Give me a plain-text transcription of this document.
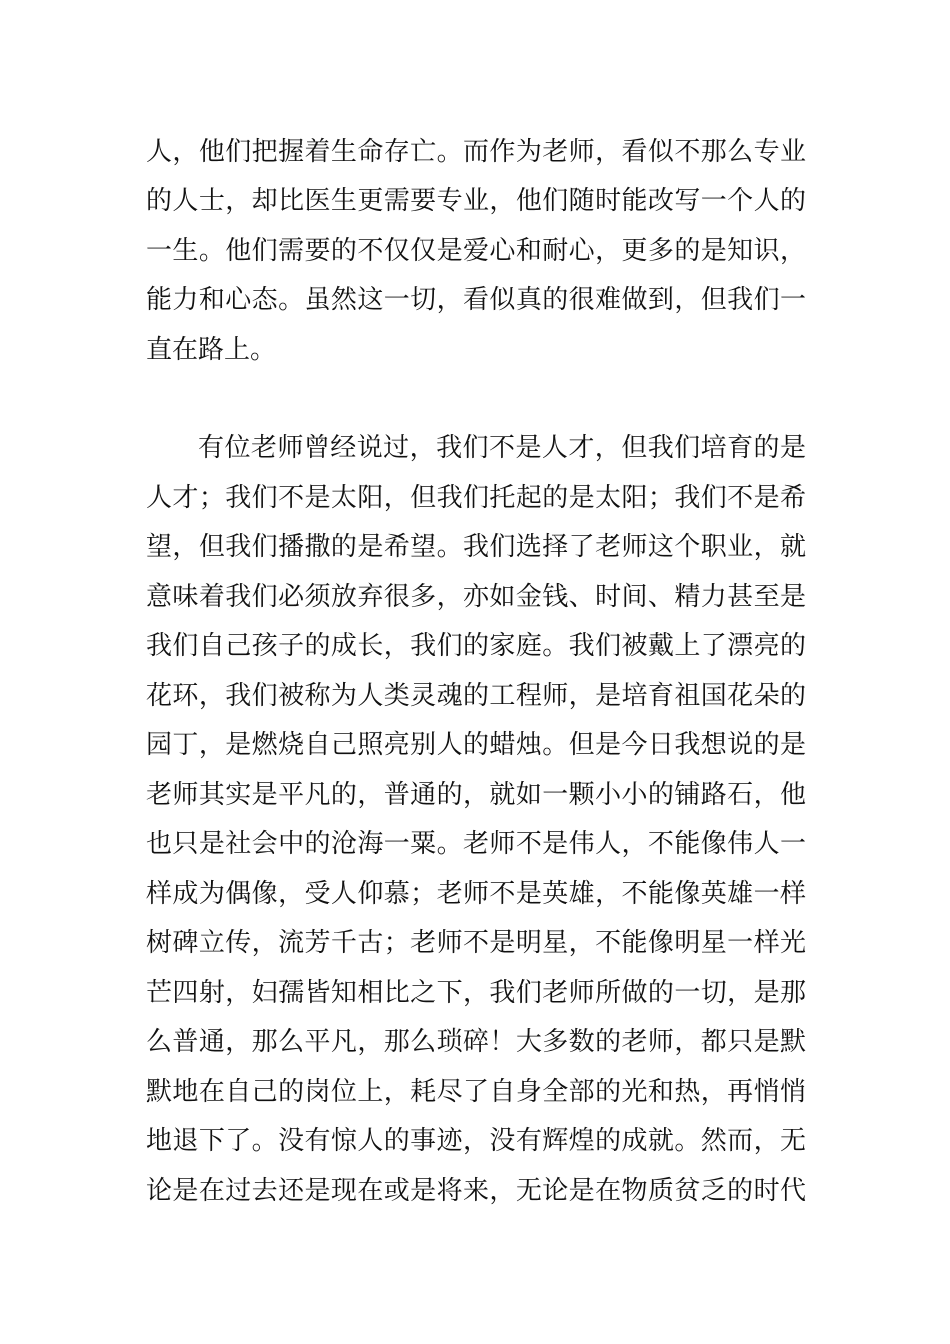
人，他们把握着生命存亡。而作为老师，看似不那么专业
的人士，却比医生更需要专业，他们随时能改写一个人的
一生。他们需要的不仅仅是爱心和耐心，更多的是知识，
能力和心态。虽然这一切，看似真的很难做到，但我们一
直在路上。
有位老师曾经说过，我们不是人才，但我们培育的是
人才；我们不是太阳，但我们托起的是太阳；我们不是希
望，但我们播撒的是希望。我们选择了老师这个职业，就
意味着我们必须放弃很多，亦如金钱、时间、精力甚至是
我们自己孩子的成长，我们的家庭。我们被戴上了漂亮的
花环，我们被称为人类灵魂的工程师，是培育祖国花朵的
园丁，是燃烧自己照亮别人的蜡烛。但是今日我想说的是
老师其实是平凡的，普通的，就如一颗小小的铺路石，他
也只是社会中的沧海一粟。老师不是伟人，不能像伟人一
样成为偶像，受人仰慕；老师不是英雄，不能像英雄一样
树碑立传，流芳千古；老师不是明星，不能像明星一样光
芒四射，妇孺皆知相比之下，我们老师所做的一切，是那
么普通，那么平凡，那么琐碎！大多数的老师，都只是默
默地在自己的岗位上，耗尽了自身全部的光和热，再悄悄
地退下了。没有惊人的事迹，没有辉煌的成就。然而，无
论是在过去还是现在或是将来，无论是在物质贫乏的时代
